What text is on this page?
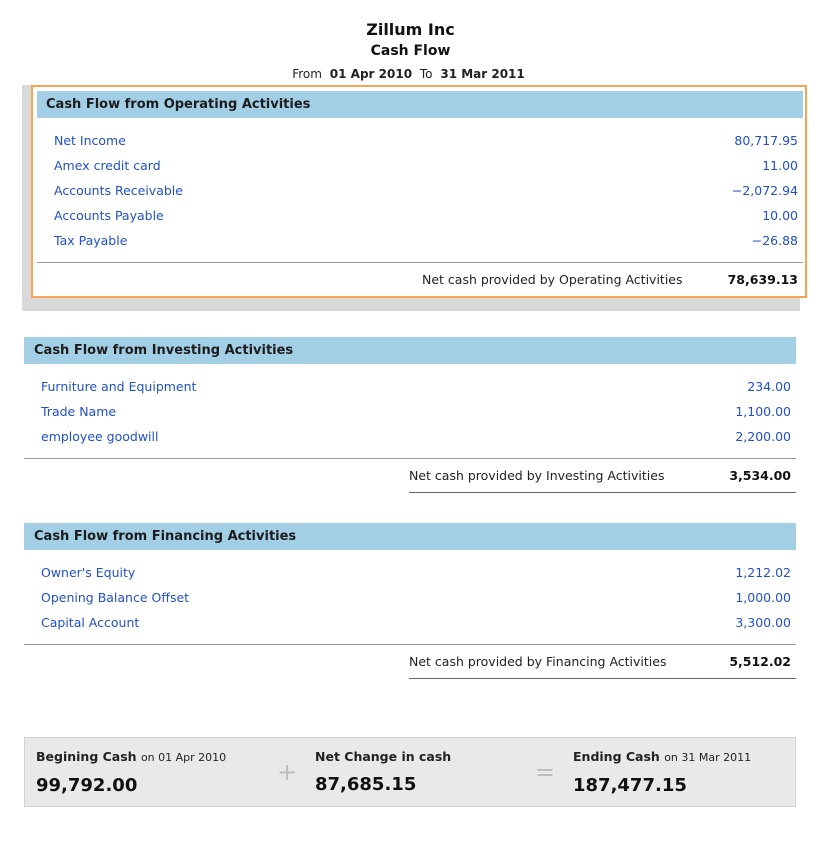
Zillum Inc
Cash Flow
From 01 Apr 2010 To 31 Mar 2011
Cash Flow from Operating Activities
Net Income	80,717.95
Amex credit card	11.00
Accounts Receivable	−2,072.94
Accounts Payable	10.00
Tax Payable	−26.88
Net cash provided by Operating Activities	78,639.13
Cash Flow from Investing Activities
Furniture and Equipment	234.00
Trade Name	1,100.00
employee goodwill	2,200.00
Net cash provided by Investing Activities	3,534.00
Cash Flow from Financing Activities
Owner's Equity	1,212.02
Opening Balance Offset	1,000.00
Capital Account	3,300.00
Net cash provided by Financing Activities	5,512.02
Begining Cash on 01 Apr 2010
99,792.00	+
Net Change in cash
87,685.15	=
Ending Cash on 31 Mar 2011
187,477.15
